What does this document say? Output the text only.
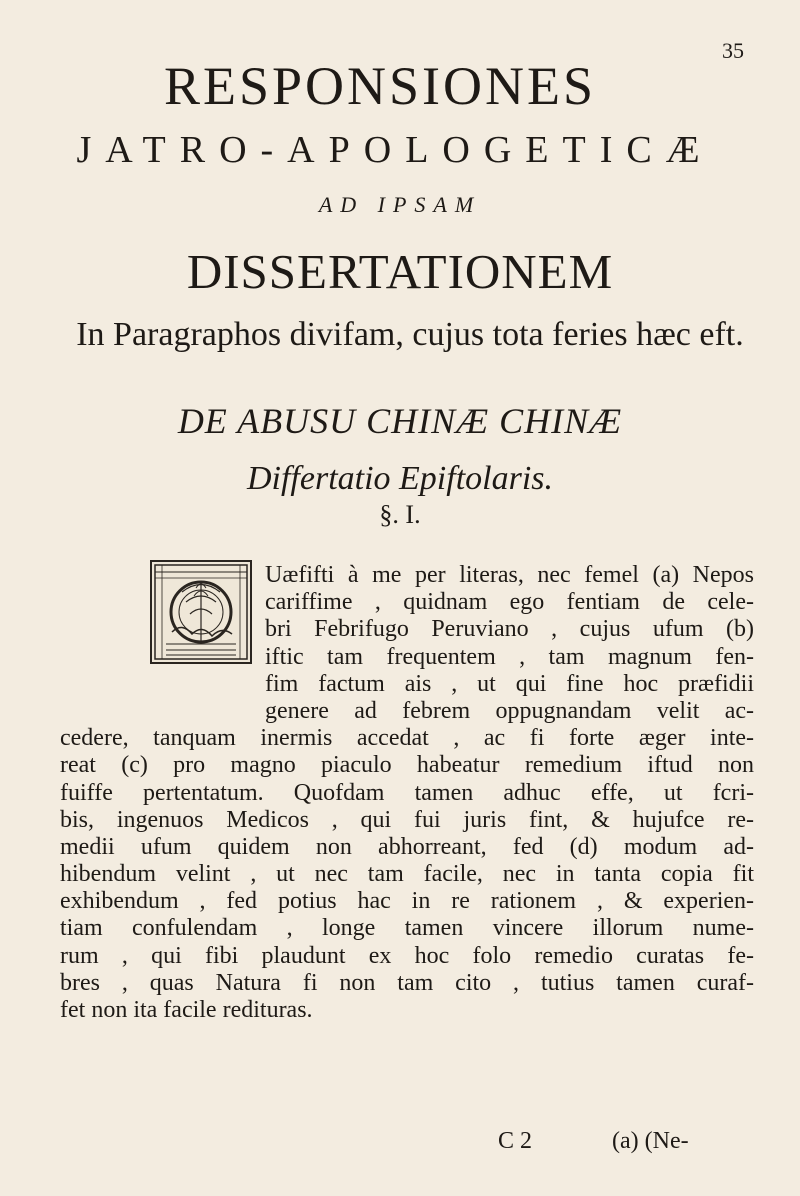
35
RESPONSIONES
JATRO-APOLOGETICÆ
AD IPSAM
DISSERTATIONEM
In Paragraphos divifam, cujus tota feries hæc eft.
DE ABUSU CHINÆ CHINÆ
Differtatio Epiftolaris.
§. I.
Uæfifti à me per literas, nec femel (a) Nepos
cariffime , quidnam ego fentiam de cele-
bri Febrifugo Peruviano , cujus ufum (b)
iftic tam frequentem , tam magnum fen-
fim factum ais , ut qui fine hoc præfidii
genere ad febrem oppugnandam velit ac-
cedere, tanquam inermis accedat , ac fi forte æger inte-
reat (c) pro magno piaculo habeatur remedium iftud non
fuiffe pertentatum. Quofdam tamen adhuc effe, ut fcri-
bis, ingenuos Medicos , qui fui juris fint, & hujufce re-
medii ufum quidem non abhorreant, fed (d) modum ad-
hibendum velint , ut nec tam facile, nec in tanta copia fit
exhibendum , fed potius hac in re rationem , & experien-
tiam confulendam , longe tamen vincere illorum nume-
rum , qui fibi plaudunt ex hoc folo remedio curatas fe-
bres , quas Natura fi non tam cito , tutius tamen curaf-
fet non ita facile redituras.
C 2	(a) (Ne-
